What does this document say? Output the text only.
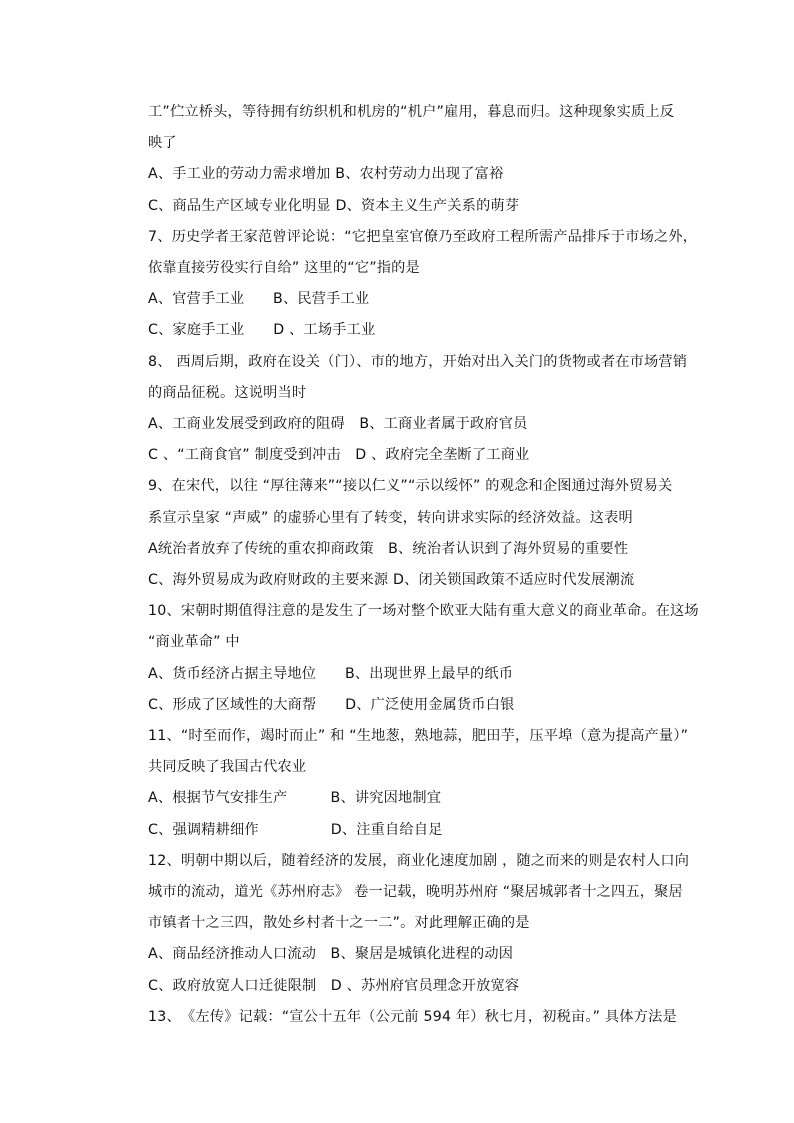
工”伫立桥头，等待拥有纺织机和机房的“机户”雇用，暮息而归。这种现象实质上反
映了
A、手工业的劳动力需求增加 B、农村劳动力出现了富裕
C、商品生产区域专业化明显 D、资本主义生产关系的萌芽
7、历史学者王家范曾评论说：“它把皇室官僚乃至政府工程所需产品排斥于市场之外，
依靠直接劳役实行自给” 这里的“它”指的是
A、官营手工业　　B、民营手工业
C、家庭手工业　　D 、工场手工业
8、 西周后期，政府在设关（门）、市的地方，开始对出入关门的货物或者在市场营销
的商品征税。这说明当时
A、工商业发展受到政府的阻碍　B、工商业者属于政府官员
C 、“工商食官” 制度受到冲击　D 、政府完全垄断了工商业
9、在宋代，以往 “厚往薄来”“接以仁义”“示以绥怀” 的观念和企图通过海外贸易关
系宣示皇家 “声威” 的虚骄心里有了转变，转向讲求实际的经济效益。这表明
A统治者放弃了传统的重农抑商政策　B、统治者认识到了海外贸易的重要性
C、海外贸易成为政府财政的主要来源 D、闭关锁国政策不适应时代发展潮流
10、宋朝时期值得注意的是发生了一场对整个欧亚大陆有重大意义的商业革命。在这场
“商业革命” 中
A、货币经济占据主导地位　　B、出现世界上最早的纸币
C、形成了区域性的大商帮　　D、广泛使用金属货币白银
11、“时至而作，竭时而止” 和 “生地葱，熟地蒜，肥田芋，压平埠（意为提高产量）”
共同反映了我国古代农业
A、根据节气安排生产　　　B、讲究因地制宜
C、强调精耕细作　　　　　D、注重自给自足
12、明朝中期以后，随着经济的发展，商业化速度加剧 ，随之而来的则是农村人口向
城市的流动，道光《苏州府志》 卷一记载，晚明苏州府 “聚居城郭者十之四五，聚居
市镇者十之三四，散处乡村者十之一二”。对此理解正确的是
A、商品经济推动人口流动　B、聚居是城镇化进程的动因
C、政府放宽人口迁徙限制　D 、苏州府官员理念开放宽容
13、　《左传》记载：“宣公十五年（公元前 594 年）秋七月，初税亩。” 具体方法是
